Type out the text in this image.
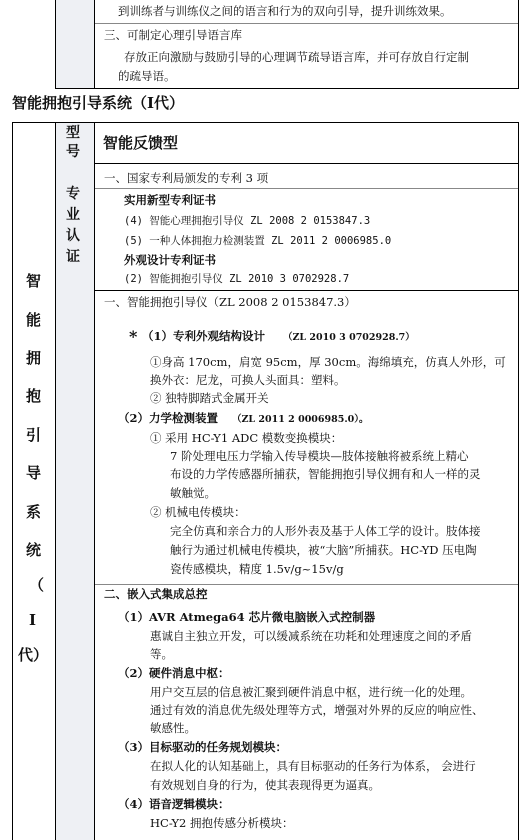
到训练者与训练仪之间的语言和行为的双向引导，提升训练效果。
三、可制定心理引导语言库
存放正向激励与鼓励引导的心理调节疏导语言库，并可存放自行定制
的疏导语。
智能拥抱引导系统（Ⅰ代）
智
能
拥
抱
引
导
系
统
（
Ⅰ
代）
型
号 智能反馈型
专
业
认
证
一、国家专利局颁发的专利 3 项
实用新型专利证书
(4) 智能心理拥抱引导仪 ZL 2008 2 0153847.3
(5) 一种人体拥抱力检测装置 ZL 2011 2 0006985.0
外观设计专利证书
(2) 智能拥抱引导仪 ZL 2010 3 0702928.7
一、智能拥抱引导仪（ZL 2008 2 0153847.3）
* （1）专利外观结构设计 （ZL 2010 3 0702928.7）
①身高 170cm，肩宽 95cm，厚 30cm。海绵填充，仿真人外形，可
换外衣：尼龙，可换人头面具：塑料。
② 独特脚踏式金属开关
（2）力学检测装置 （ZL 2011 2 0006985.0）。
① 采用 HC-Y1 ADC 模数变换模块：
7 阶处理电压力学输入传导模块—肢体接触将被系统上精心
布设的力学传感器所捕获，智能拥抱引导仪拥有和人一样的灵
敏触觉。
② 机械电传模块：
完全仿真和亲合力的人形外表及基于人体工学的设计。肢体接
触行为通过机械电传模块，被“大脑”所捕获。HC-YD 压电陶
瓷传感模块，精度 1.5v/g~15v/g
二、嵌入式集成总控
（1）AVR Atmega64 芯片微电脑嵌入式控制器
惠诚自主独立开发，可以缓减系统在功耗和处理速度之间的矛盾
等。
（2）硬件消息中枢：
用户交互层的信息被汇聚到硬件消息中枢，进行统一化的处理。
通过有效的消息优先级处理等方式，增强对外界的反应的响应性、
敏感性。
（3）目标驱动的任务规划模块：
在拟人化的认知基础上，具有目标驱动的任务行为体系， 会进行
有效规划自身的行为，使其表现得更为逼真。
（4）语音逻辑模块：
HC-Y2 拥抱传感分析模块：
